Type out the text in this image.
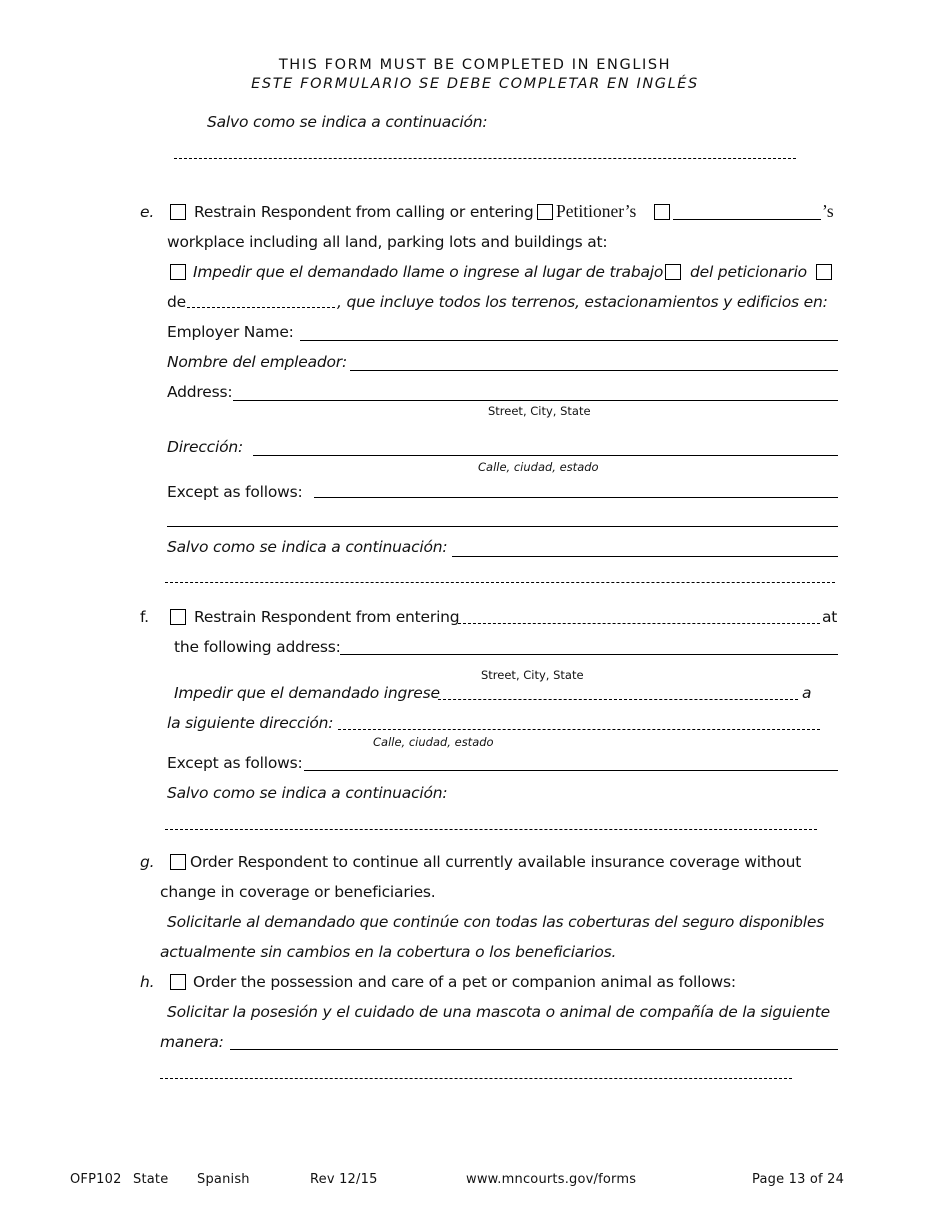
THIS FORM MUST BE COMPLETED IN ENGLISH
ESTE FORMULARIO SE DEBE COMPLETAR EN INGLÉS
Salvo como se indica a continuación:
e.	Restrain Respondent from calling or entering Petitioner’s	’s
workplace including all land, parking lots and buildings at:
Impedir que el demandado llame o ingrese al lugar de trabajo del peticionario
de	, que incluye todos los terrenos, estacionamientos y edificios en:
Employer Name:
Nombre del empleador:
Address:
Street, City, State
Dirección:
Calle, ciudad, estado
Except as follows:
Salvo como se indica a continuación:
f.	Restrain Respondent from entering	at
the following address:
Street, City, State
Impedir que el demandado ingrese	a
la siguiente dirección:
Calle, ciudad, estado
Except as follows:
Salvo como se indica a continuación:
g. Order Respondent to continue all currently available insurance coverage without
change in coverage or beneficiaries.
Solicitarle al demandado que continúe con todas las coberturas del seguro disponibles
actualmente sin cambios en la cobertura o los beneficiarios.
h. Order the possession and care of a pet or companion animal as follows:
Solicitar la posesión y el cuidado de una mascota o animal de compañía de la siguiente
manera:
OFP102 State Spanish	Rev 12/15	www.mncourts.gov/forms	Page 13 of 24
